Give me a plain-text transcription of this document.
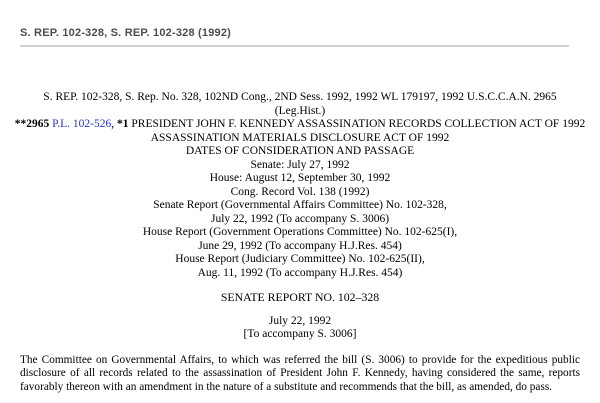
S. REP. 102-328, S. REP. 102-328 (1992)
S. REP. 102-328, S. Rep. No. 328, 102ND Cong., 2ND Sess. 1992, 1992 WL 179197, 1992 U.S.C.C.A.N. 2965
(Leg.Hist.)
**2965 P.L. 102-526, *1 PRESIDENT JOHN F. KENNEDY ASSASSINATION RECORDS COLLECTION ACT OF 1992
ASSASSINATION MATERIALS DISCLOSURE ACT OF 1992
DATES OF CONSIDERATION AND PASSAGE
Senate: July 27, 1992
House: August 12, September 30, 1992
Cong. Record Vol. 138 (1992)
Senate Report (Governmental Affairs Committee) No. 102-328,
July 22, 1992 (To accompany S. 3006)
House Report (Government Operations Committee) No. 102-625(I),
June 29, 1992 (To accompany H.J.Res. 454)
House Report (Judiciary Committee) No. 102-625(II),
Aug. 11, 1992 (To accompany H.J.Res. 454)
SENATE REPORT NO. 102–328
July 22, 1992
[To accompany S. 3006]

The Committee on Governmental Affairs, to which was referred the bill (S. 3006) to provide for the expeditious public disclosure of all records related to the assassination of President John F. Kennedy, having considered the same, reports favorably thereon with an amendment in the nature of a substitute and recommends that the bill, as amended, do pass.
